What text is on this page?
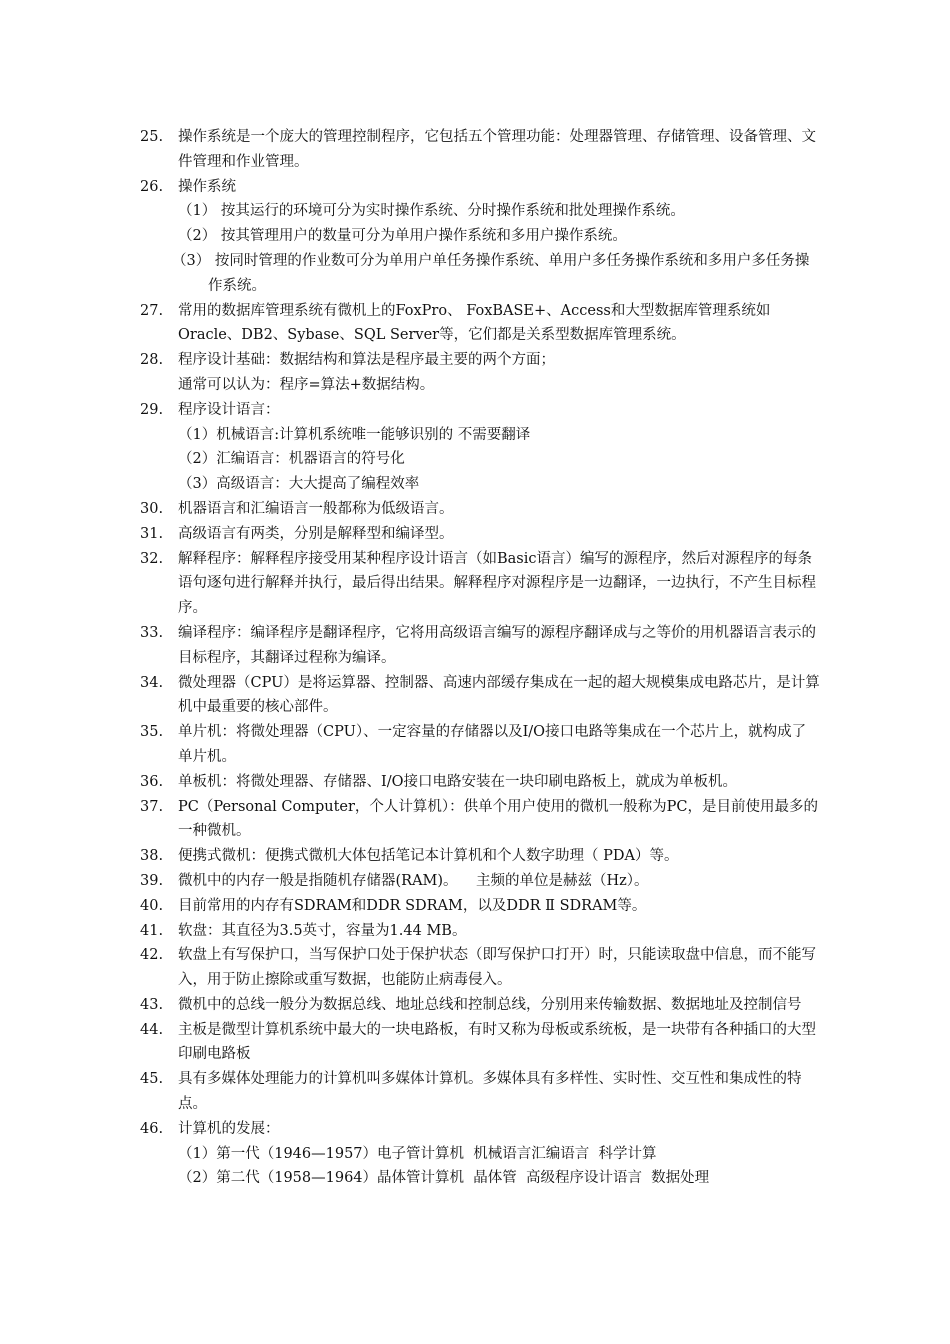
25.	操作系统是一个庞大的管理控制程序，它包括五个管理功能：处理器管理、存储管理、设备管理、文件管理和作业管理。
26.	操作系统
（1） 按其运行的环境可分为实时操作系统、分时操作系统和批处理操作系统。
（2） 按其管理用户的数量可分为单用户操作系统和多用户操作系统。
（3） 按同时管理的作业数可分为单用户单任务操作系统、单用户多任务操作系统和多用户多任务操作系统。
27.	常用的数据库管理系统有微机上的FoxPro、 FoxBASE+、Access和大型数据库管理系统如Oracle、DB2、Sybase、SQL Server等，它们都是关系型数据库管理系统。
28.	程序设计基础：数据结构和算法是程序最主要的两个方面；
通常可以认为：程序=算法+数据结构。
29.	程序设计语言：
（1）机械语言:计算机系统唯一能够识别的 不需要翻译
（2）汇编语言：机器语言的符号化
（3）高级语言：大大提高了编程效率
30.	机器语言和汇编语言一般都称为低级语言。
31.	高级语言有两类，分别是解释型和编译型。
32.	解释程序：解释程序接受用某种程序设计语言（如Basic语言）编写的源程序，然后对源程序的每条语句逐句进行解释并执行，最后得出结果。解释程序对源程序是一边翻译，一边执行，不产生目标程序。
33.	编译程序：编译程序是翻译程序，它将用高级语言编写的源程序翻译成与之等价的用机器语言表示的目标程序，其翻译过程称为编译。
34.	微处理器（CPU）是将运算器、控制器、高速内部缓存集成在一起的超大规模集成电路芯片，是计算机中最重要的核心部件。
35.	单片机：将微处理器（CPU）、一定容量的存储器以及I/O接口电路等集成在一个芯片上，就构成了单片机。
36.	单板机：将微处理器、存储器、I/O接口电路安装在一块印刷电路板上，就成为单板机。
37.	PC（Personal Computer，个人计算机）：供单个用户使用的微机一般称为PC，是目前使用最多的一种微机。
38.	便携式微机：便携式微机大体包括笔记本计算机和个人数字助理（ PDA）等。
39.	微机中的内存一般是指随机存储器(RAM)。    主频的单位是赫兹（Hz）。
40.	目前常用的内存有SDRAM和DDR SDRAM，以及DDR Ⅱ SDRAM等。
41.	软盘：其直径为3.5英寸，容量为1.44 MB。
42.	软盘上有写保护口，当写保护口处于保护状态（即写保护口打开）时，只能读取盘中信息，而不能写入，用于防止擦除或重写数据，也能防止病毒侵入。
43.	微机中的总线一般分为数据总线、地址总线和控制总线，分别用来传输数据、数据地址及控制信号
44.	主板是微型计算机系统中最大的一块电路板，有时又称为母板或系统板，是一块带有各种插口的大型印刷电路板
45.	具有多媒体处理能力的计算机叫多媒体计算机。多媒体具有多样性、实时性、交互性和集成性的特点。
46.	计算机的发展：
（1）第一代（1946—1957）电子管计算机  机械语言汇编语言  科学计算
（2）第二代（1958—1964）晶体管计算机  晶体管  高级程序设计语言  数据处理
